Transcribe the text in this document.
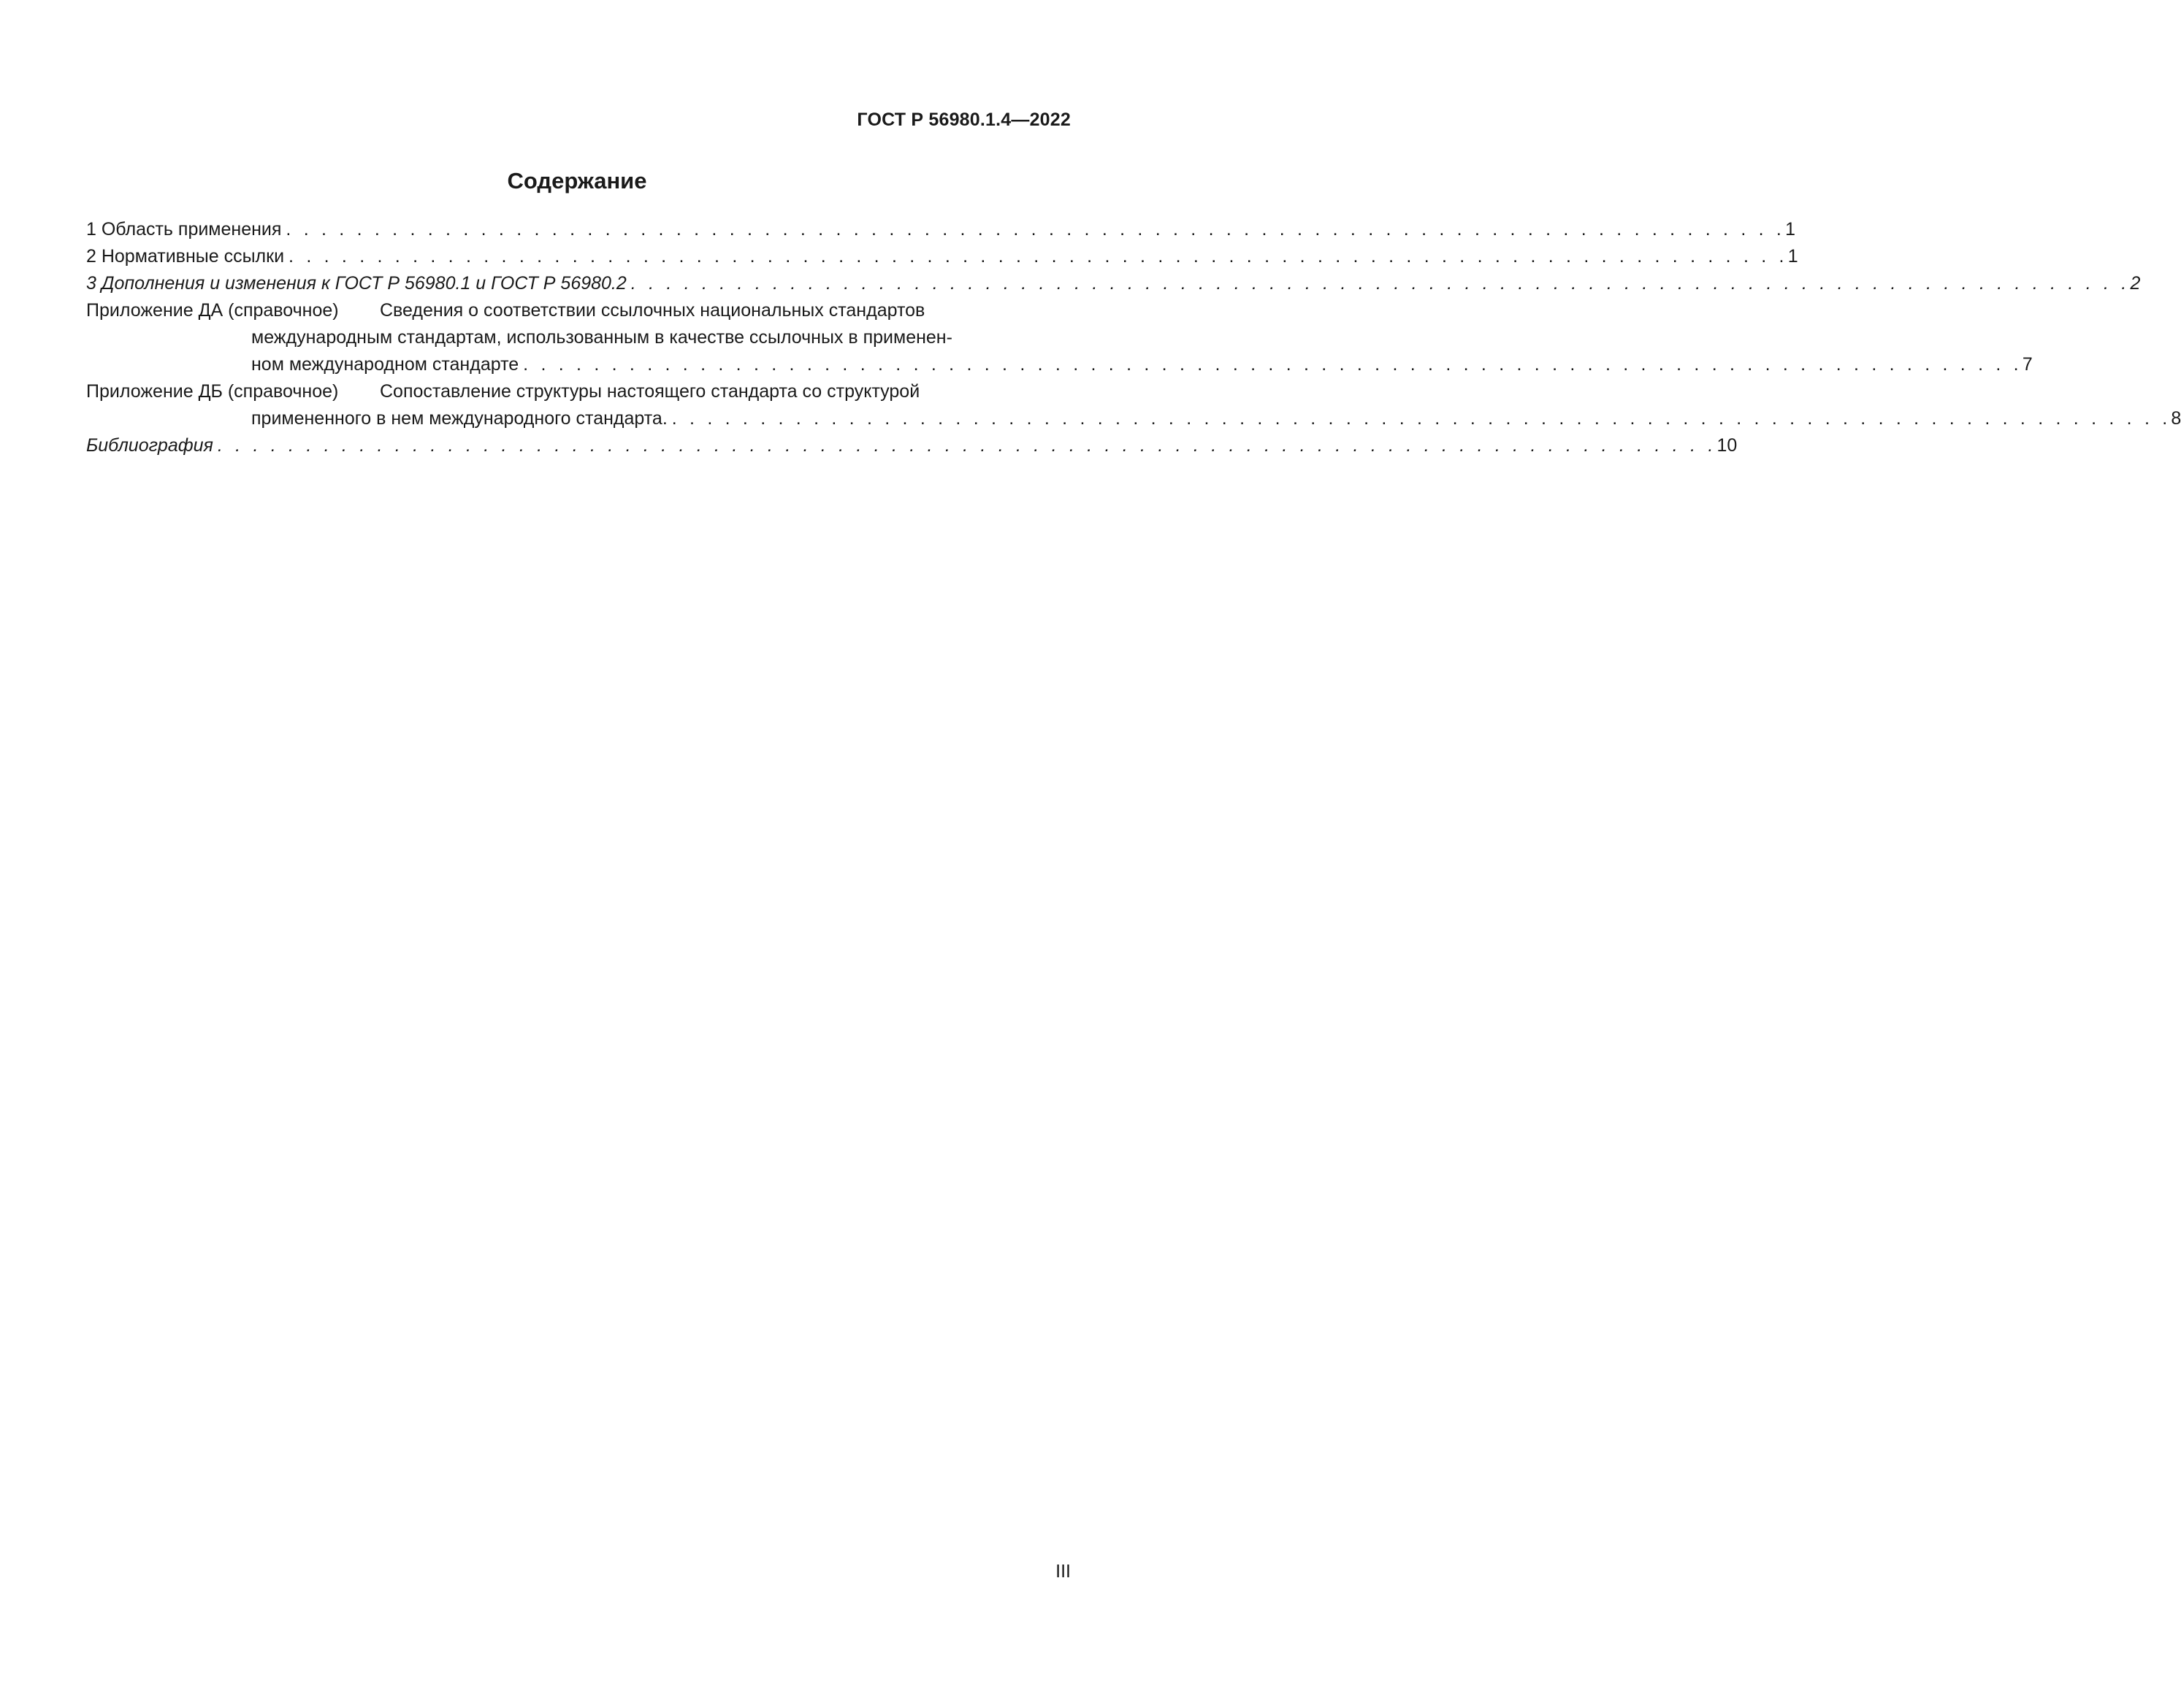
ГОСТ Р 56980.1.4—2022
Содержание
1 Область применения . . . . . . . . . . . . . . . . . . . . . . . . . . . . . . . . . . . . . . . . . . . . . . . . . . . . . . . . . . . . . . . . . . . . . . . . . . . . . . . . . . . . . 1
2 Нормативные ссылки . . . . . . . . . . . . . . . . . . . . . . . . . . . . . . . . . . . . . . . . . . . . . . . . . . . . . . . . . . . . . . . . . . . . . . . . . . . . . . . . . . . . . 1
3 Дополнения и изменения к ГОСТ Р 56980.1 и ГОСТ Р 56980.2 . . . . . . . . . . . . . . . . . . . . . . . . . . . . . . . . . . . . . . . . . . . . . . . . . . . . . . . . . . . . . . . . . . . . . . . . . . . . . . . . . . . . . 2
Приложение ДА (справочное)	Сведения о соответствии ссылочных национальных стандартов
международным стандартам, использованным в качестве ссылочных в применен-
ном международном стандарте . . . . . . . . . . . . . . . . . . . . . . . . . . . . . . . . . . . . . . . . . . . . . . . . . . . . . . . . . . . . . . . . . . . . . . . . . . . . . . . . . . . . . 7
Приложение ДБ (справочное)	Сопоставление структуры настоящего стандарта со структурой
примененного в нем международного стандарта. . . . . . . . . . . . . . . . . . . . . . . . . . . . . . . . . . . . . . . . . . . . . . . . . . . . . . . . . . . . . . . . . . . . . . . . . . . . . . . . . . . . . . 8
Библиография . . . . . . . . . . . . . . . . . . . . . . . . . . . . . . . . . . . . . . . . . . . . . . . . . . . . . . . . . . . . . . . . . . . . . . . . . . . . . . . . . . . . . 10
III
